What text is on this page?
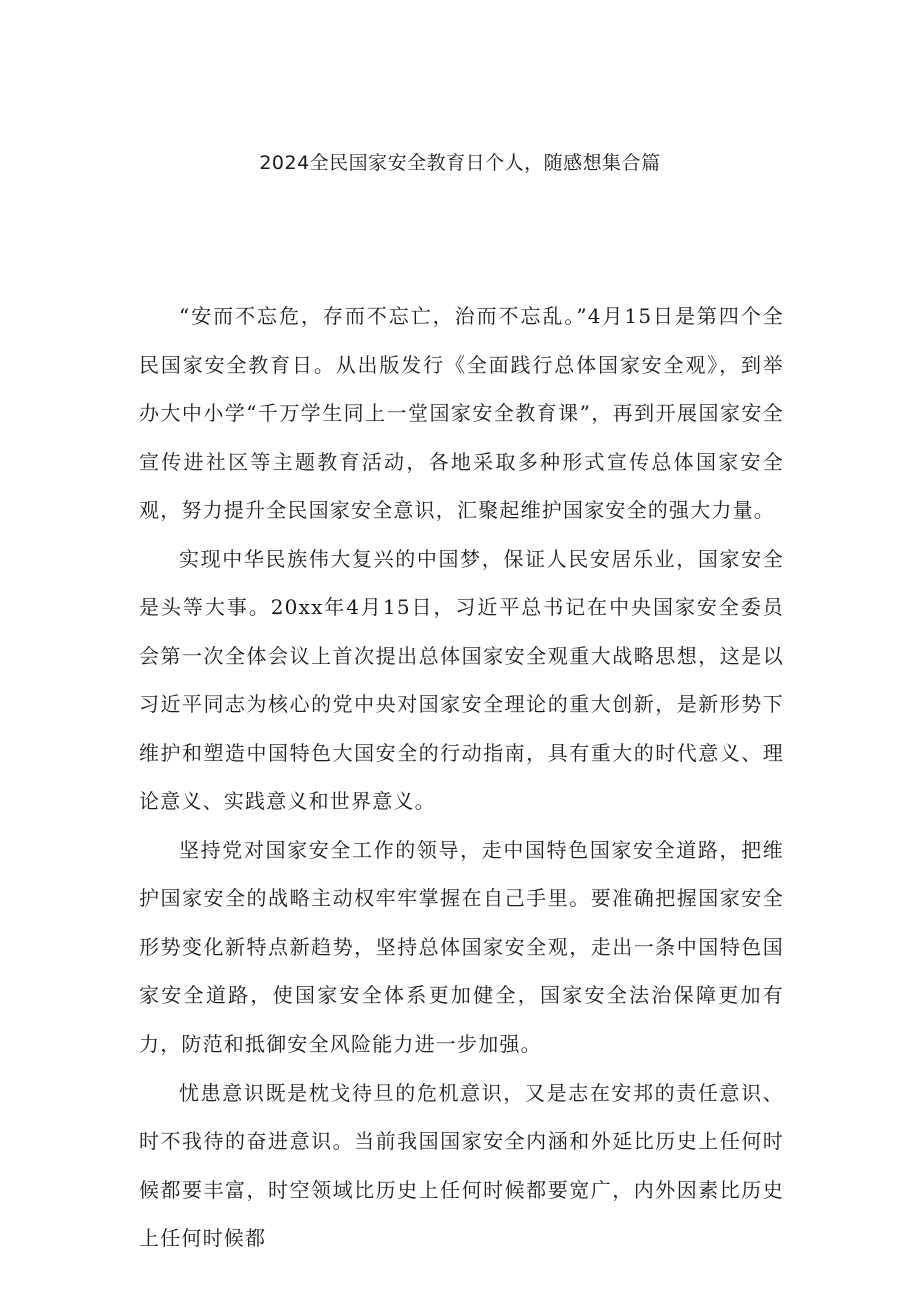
2024全民国家安全教育日个人，随感想集合篇

“安而不忘危，存而不忘亡，治而不忘乱。”4月15日是第四个全民国家安全教育日。从出版发行《全面践行总体国家安全观》，到举办大中小学“千万学生同上一堂国家安全教育课”，再到开展国家安全宣传进社区等主题教育活动，各地采取多种形式宣传总体国家安全观，努力提升全民国家安全意识，汇聚起维护国家安全的强大力量。

实现中华民族伟大复兴的中国梦，保证人民安居乐业，国家安全是头等大事。20xx年4月15日，习近平总书记在中央国家安全委员会第一次全体会议上首次提出总体国家安全观重大战略思想，这是以习近平同志为核心的党中央对国家安全理论的重大创新，是新形势下维护和塑造中国特色大国安全的行动指南，具有重大的时代意义、理论意义、实践意义和世界意义。

坚持党对国家安全工作的领导，走中国特色国家安全道路，把维护国家安全的战略主动权牢牢掌握在自己手里。要准确把握国家安全形势变化新特点新趋势，坚持总体国家安全观，走出一条中国特色国家安全道路，使国家安全体系更加健全，国家安全法治保障更加有力，防范和抵御安全风险能力进一步加强。

忧患意识既是枕戈待旦的危机意识，又是志在安邦的责任意识、时不我待的奋进意识。当前我国国家安全内涵和外延比历史上任何时候都要丰富，时空领域比历史上任何时候都要宽广，内外因素比历史上任何时候都
